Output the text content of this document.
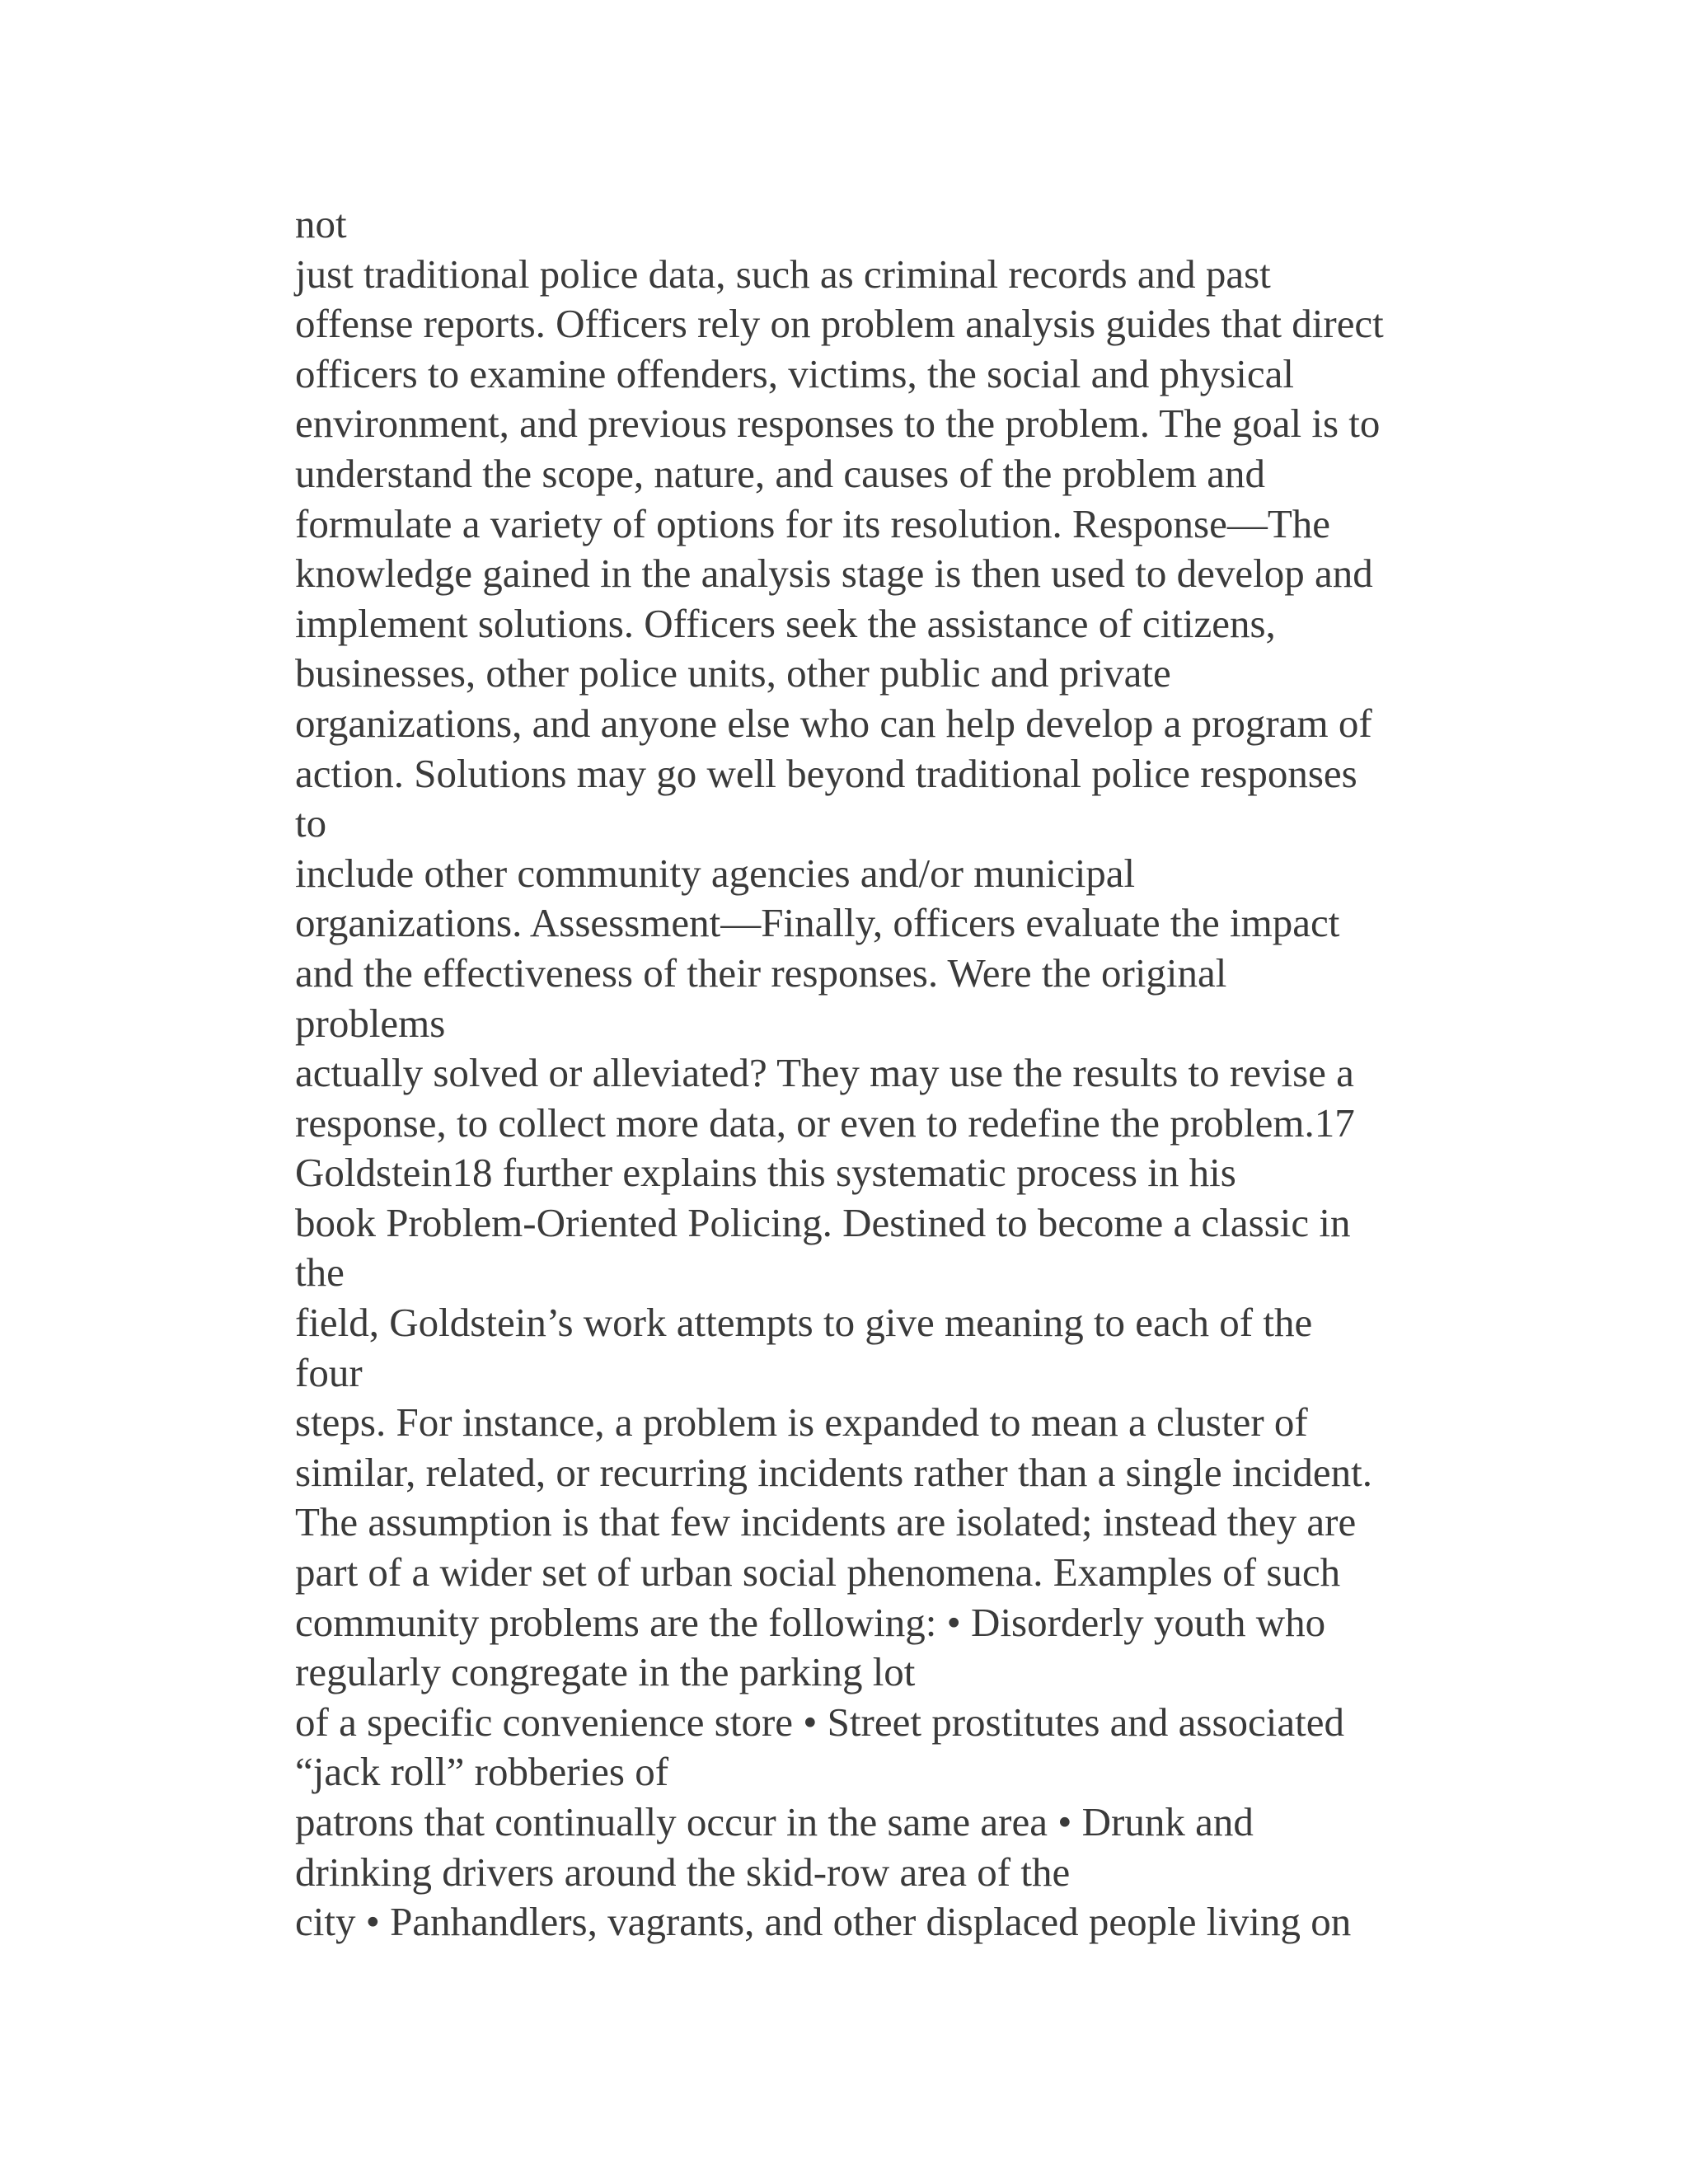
not
just traditional police data, such as criminal records and past
offense reports. Officers rely on problem analysis guides that direct
officers to examine offenders, victims, the social and physical
environment, and previous responses to the problem. The goal is to
understand the scope, nature, and causes of the problem and
formulate a variety of options for its resolution. Response—The
knowledge gained in the analysis stage is then used to develop and
implement solutions. Officers seek the assistance of citizens,
businesses, other police units, other public and private
organizations, and anyone else who can help develop a program of
action. Solutions may go well beyond traditional police responses
to
include other community agencies and/or municipal
organizations. Assessment—Finally, officers evaluate the impact
and the effectiveness of their responses. Were the original
problems
actually solved or alleviated? They may use the results to revise a
response, to collect more data, or even to redefine the problem.17
Goldstein18 further explains this systematic process in his
book Problem-Oriented Policing. Destined to become a classic in
the
field, Goldstein’s work attempts to give meaning to each of the
four
steps. For instance, a problem is expanded to mean a cluster of
similar, related, or recurring incidents rather than a single incident.
The assumption is that few incidents are isolated; instead they are
part of a wider set of urban social phenomena. Examples of such
community problems are the following: • Disorderly youth who
regularly congregate in the parking lot
of a specific convenience store • Street prostitutes and associated
“jack roll” robberies of
patrons that continually occur in the same area • Drunk and
drinking drivers around the skid-row area of the
city • Panhandlers, vagrants, and other displaced people living on
